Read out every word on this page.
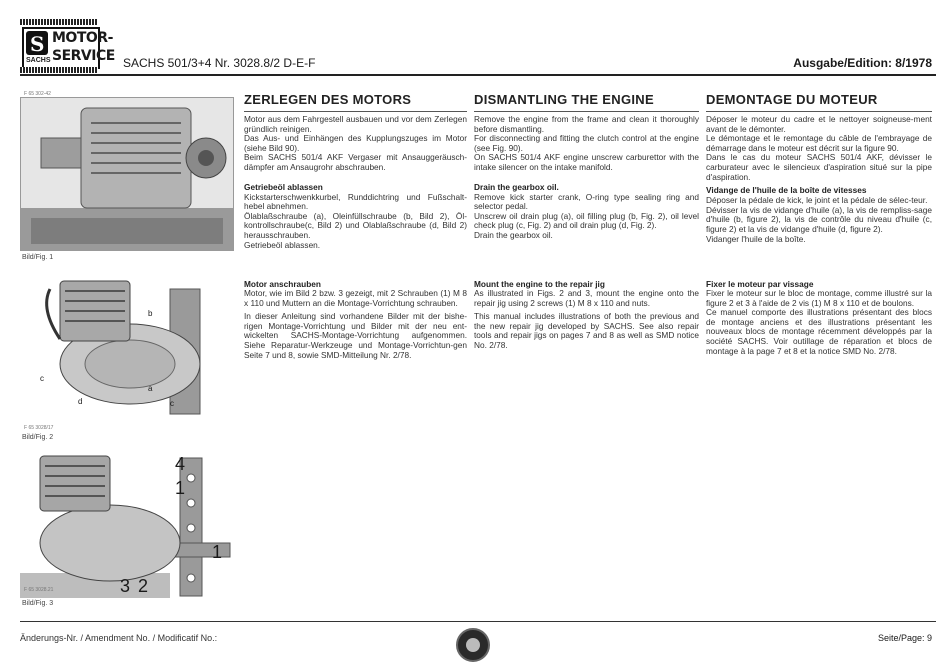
S
SACHS
MOTOR-
SERVICE SACHS 501/3+4 Nr. 3028.8/2 D-E-F	Ausgabe/Edition: 8/1978
F 65 302-42
Bild/Fig. 1
b
c
a
c
d
F 65 3028/17
Bild/Fig. 2
4
1
1
3 2
F 65 3028.21
Bild/Fig. 3
ZERLEGEN DES MOTORS
Motor aus dem Fahrgestell ausbauen und vor dem Zerlegen gründlich reinigen.
Das Aus- und Einhängen des Kupplungszuges im Motor (siehe Bild 90).
Beim SACHS 501/4 AKF Vergaser mit Ansauggeräusch-dämpfer am Ansaugrohr abschrauben.
Getriebeöl ablassen
Kickstarterschwenkkurbel, Runddichtring und Fußschalt-hebel abnehmen.
Ölablaßschraube (a), Oleinfüllschraube (b, Bild 2), Öl-kontrollschraube(c, Bild 2) und Olablaßschraube (d, Bild 2) herausschrauben.
Getriebeöl ablassen.
Motor anschrauben
Motor, wie im Bild 2 bzw. 3 gezeigt, mit 2 Schrauben (1) M 8 x 110 und Muttern an die Montage-Vorrichtung schrauben.
In dieser Anleitung sind vorhandene Bilder mit der bishe-rigen Montage-Vorrichtung und Bilder mit der neu ent-wickelten SACHS-Montage-Vorrichtung aufgenommen. Siehe Reparatur-Werkzeuge und Montage-Vorrichtun-gen Seite 7 und 8, sowie SMD-Mitteilung Nr. 2/78.
DISMANTLING THE ENGINE
Remove the engine from the frame and clean it thoroughly before dismantling.
For disconnecting and fitting the clutch control at the engine (see Fig. 90).
On SACHS 501/4 AKF engine unscrew carburettor with the intake silencer on the intake manifold.
Drain the gearbox oil.
Remove kick starter crank, O-ring type sealing ring and selector pedal.
Unscrew oil drain plug (a), oil filling plug (b, Fig. 2), oil level check plug (c, Fig. 2) and oil drain plug (d, Fig. 2).
Drain the gearbox oil.
Mount the engine to the repair jig
As illustrated in Figs. 2 and 3, mount the engine onto the repair jig using 2 screws (1) M 8 x 110 and nuts.
This manual includes illustrations of both the previous and the new repair jig developed by SACHS. See also repair tools and repair jigs on pages 7 and 8 as well as SMD notice No. 2/78.
DEMONTAGE DU MOTEUR
Déposer le moteur du cadre et le nettoyer soigneuse-ment avant de le démonter.
Le démontage et le remontage du câble de l'embrayage de démarrage dans le moteur est décrit sur la figure 90.
Dans le cas du moteur SACHS 501/4 AKF, dévisser le carburateur avec le silencieux d'aspiration situé sur la pipe d'aspiration.
Vidange de l'huile de la boîte de vitesses
Déposer la pédale de kick, le joint et la pédale de sélec-teur.
Dévisser la vis de vidange d'huile (a), la vis de rempliss-sage d'huile (b, figure 2), la vis de contrôle du niveau d'huile (c, figure 2) et la vis de vidange d'huile (d, figure 2).
Vidanger l'huile de la boîte.
Fixer le moteur par vissage
Fixer le moteur sur le bloc de montage, comme illustré sur la figure 2 et 3 à l'aide de 2 vis (1) M 8 x 110 et de boulons.
Ce manuel comporte des illustrations présentant des blocs de montage anciens et des illustrations présentant les nouveaux blocs de montage récemment développés par la société SACHS. Voir outillage de réparation et blocs de montage à la page 7 et 8 et la notice SMD No. 2/78.
Änderungs-Nr. / Amendment No. / Modificatif No.:	Seite/Page: 9
